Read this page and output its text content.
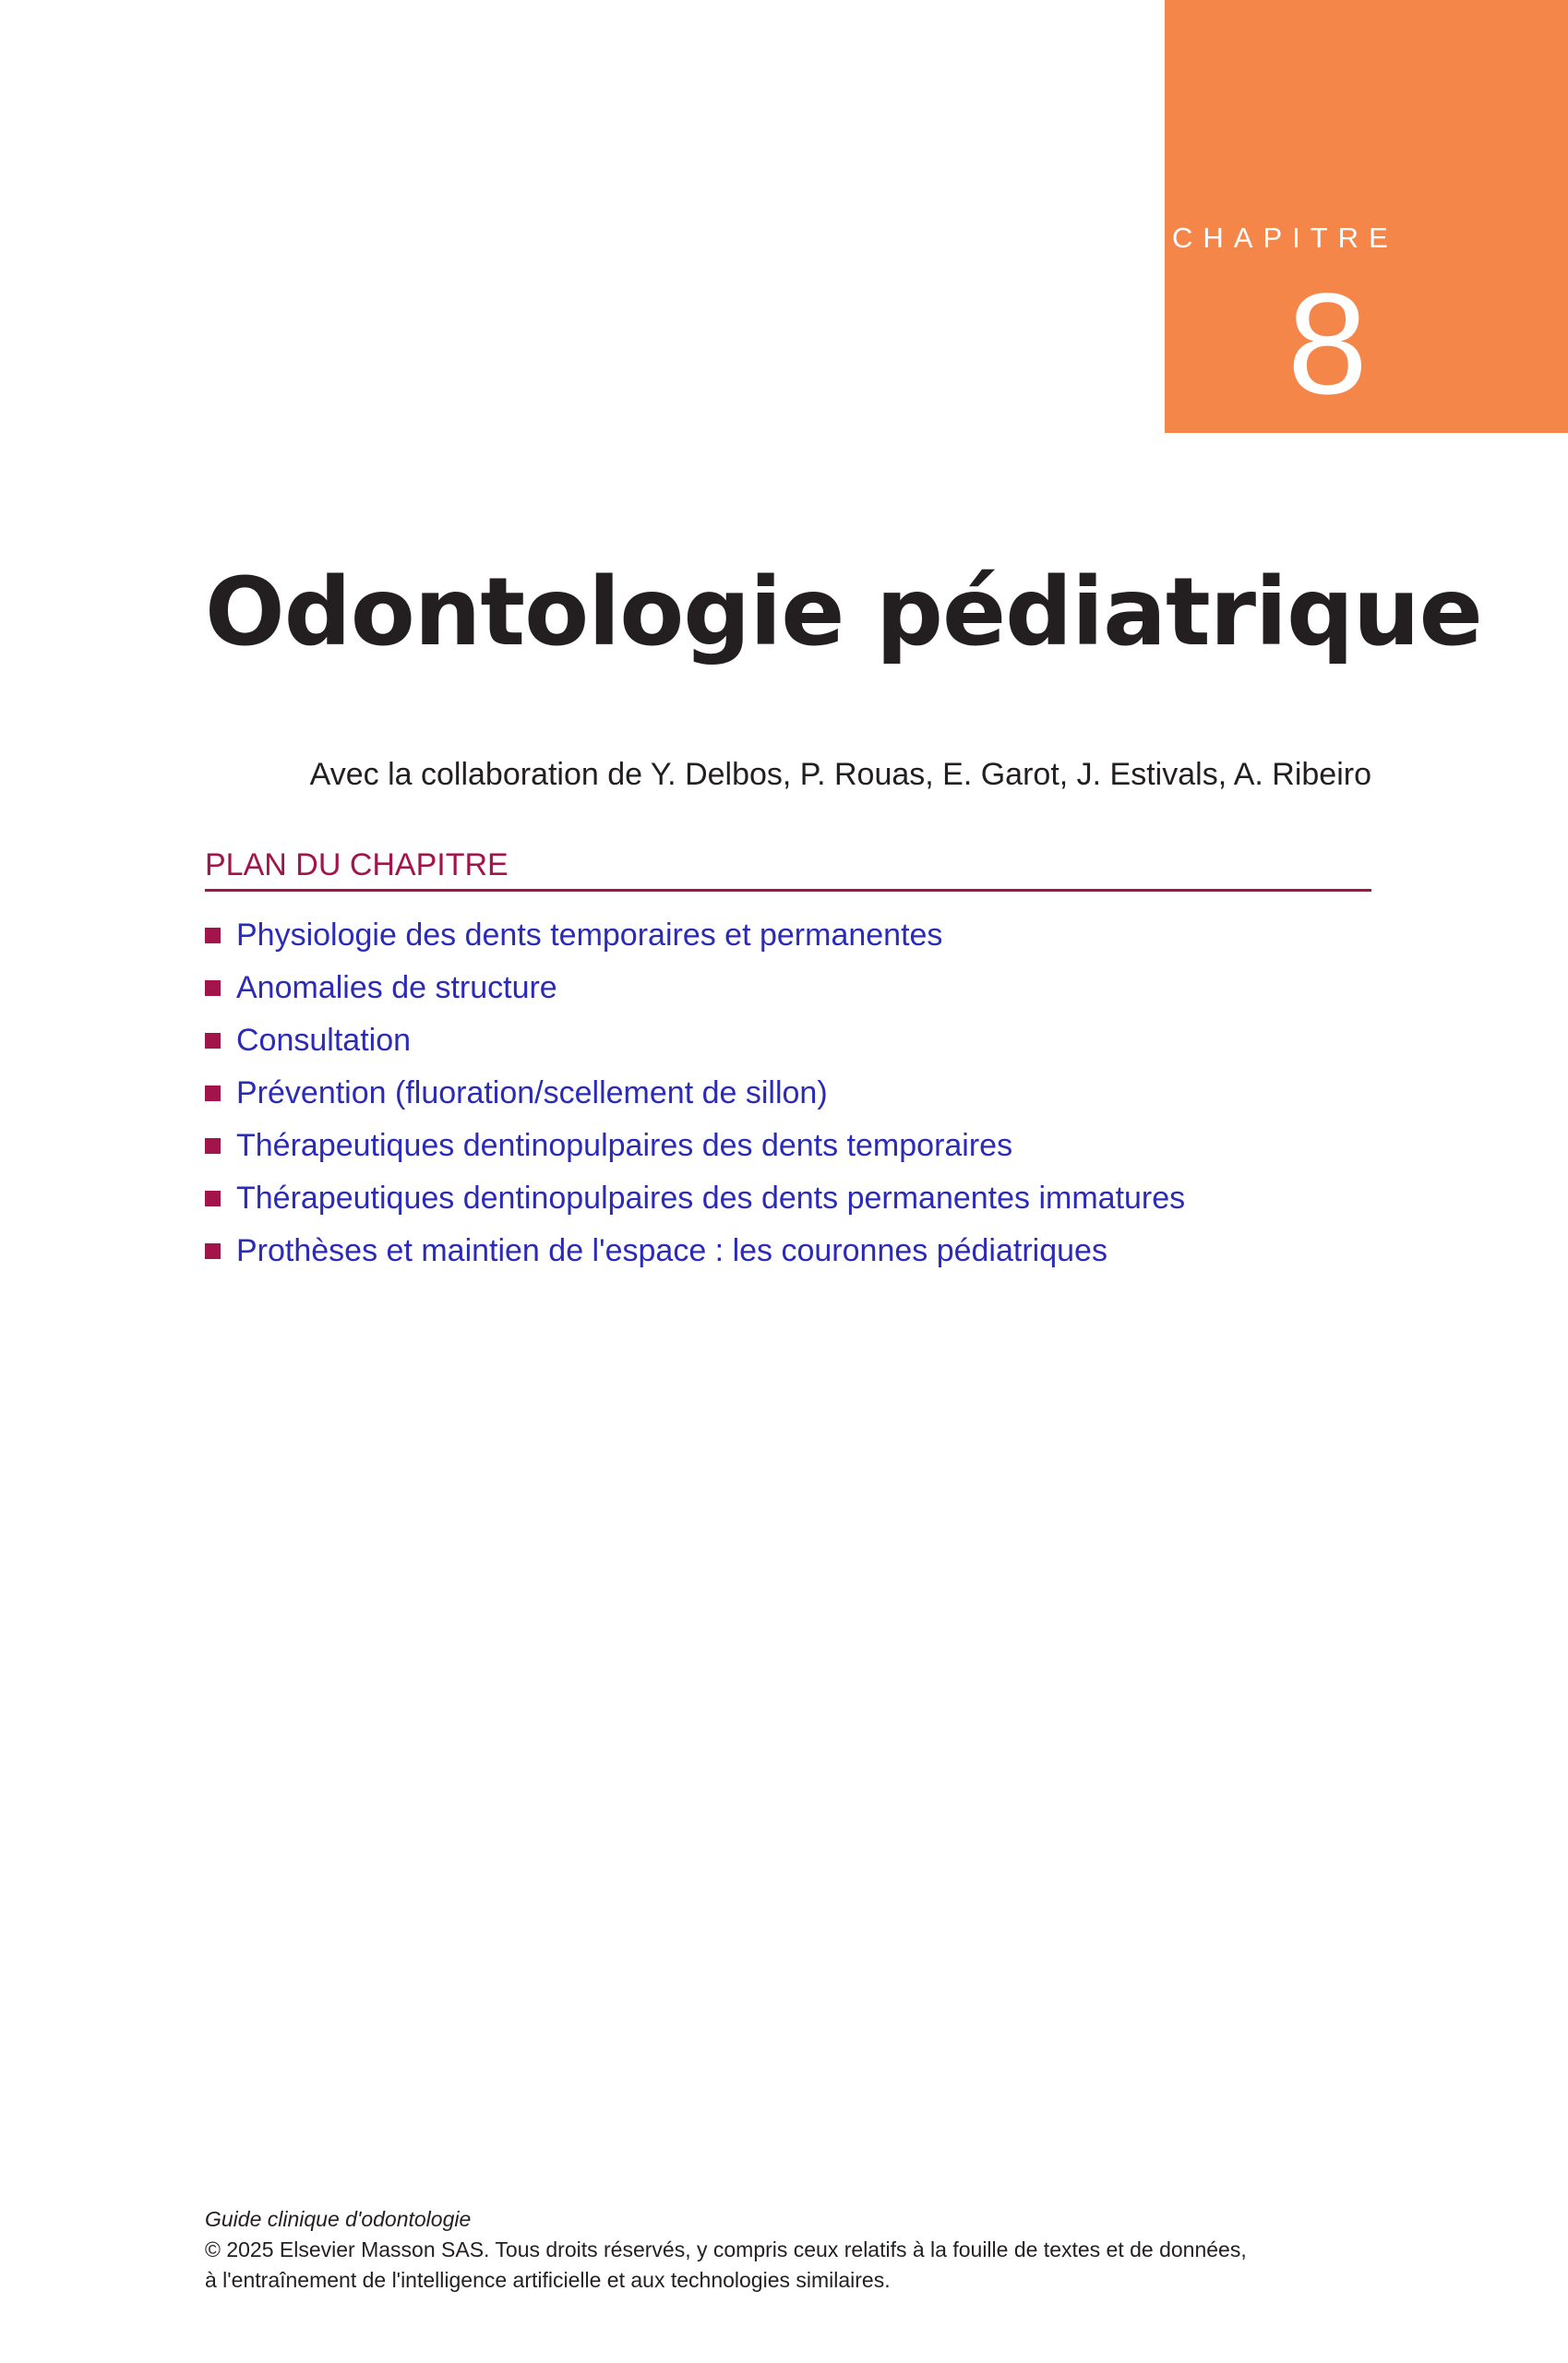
CHAPITRE
8
Odontologie pédiatrique
Avec la collaboration de Y. Delbos, P. Rouas, E. Garot, J. Estivals, A. Ribeiro
PLAN DU CHAPITRE
Physiologie des dents temporaires et permanentes
Anomalies de structure
Consultation
Prévention (fluoration/scellement de sillon)
Thérapeutiques dentinopulpaires des dents temporaires
Thérapeutiques dentinopulpaires des dents permanentes immatures
Prothèses et maintien de l'espace : les couronnes pédiatriques
Guide clinique d'odontologie
© 2025 Elsevier Masson SAS. Tous droits réservés, y compris ceux relatifs à la fouille de textes et de données,
à l'entraînement de l'intelligence artificielle et aux technologies similaires.
